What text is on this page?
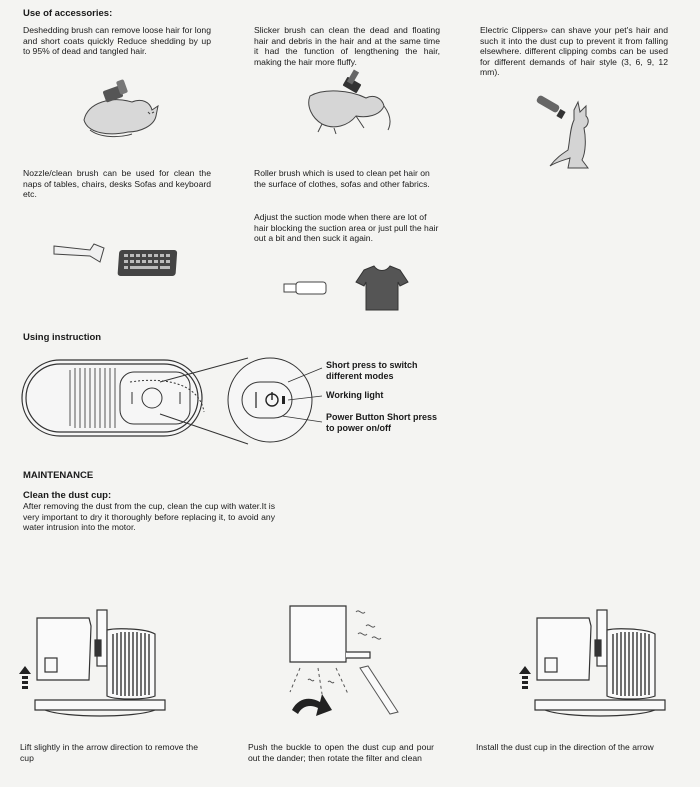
Use of accessories:
Deshedding brush can remove loose hair for long and short coats quickly Reduce shedding by up to 95% of dead and tangled hair.
Slicker brush can clean the dead and floating hair and debris in the hair and at the same time it had the function of lengthening the hair, making the hair more fluffy.
Electric Clippers» can shave your pet's hair and such it into the dust cup to prevent it from falling elsewhere. different clipping combs can be used for different demands of hair style (3, 6, 9, 12 mm).
Nozzle/clean brush can be used for clean the naps of tables, chairs, desks Sofas and keyboard etc.
Roller brush which is used to clean pet hair on the surface of clothes, sofas and other fabrics.
Adjust the suction mode when there are lot of hair blocking the suction area or just pull the hair out a bit and then suck it again.
Using instruction
Short press to switch different modes
Working light
Power Button Short press to power on/off
MAINTENANCE
Clean the dust cup:
After removing the dust from the cup, clean the cup with water.It is very important to dry it thoroughly before replacing it, to avoid any water intrusion into the motor.
Lift slightly in the arrow direction to remove the cup
Push the buckle to open the dust cup and pour out the dander; then rotate the filter and clean
Install the dust cup in the direction of the arrow
